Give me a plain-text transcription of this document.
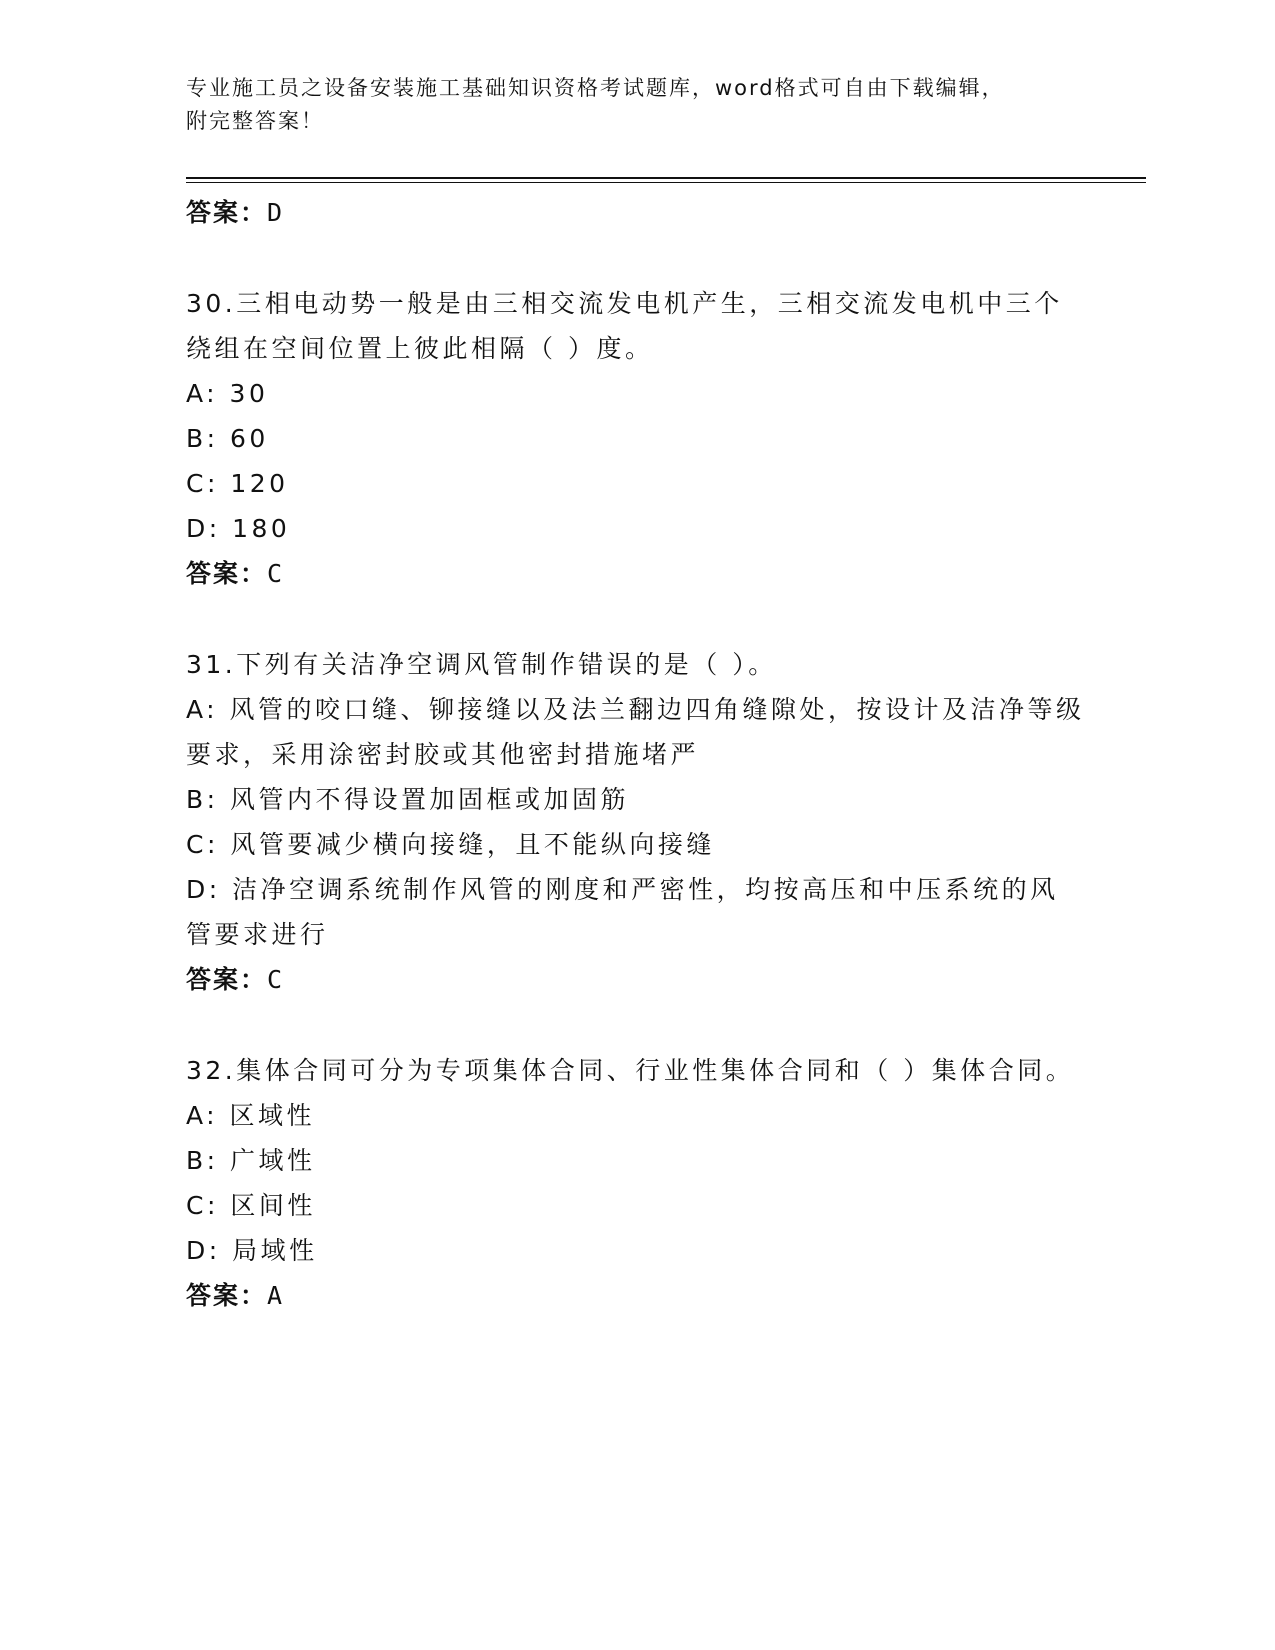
专业施工员之设备安装施工基础知识资格考试题库，word格式可自由下载编辑，
附完整答案！
答案：D
30.三相电动势一般是由三相交流发电机产生，三相交流发电机中三个绕组在空间位置上彼此相隔（ ）度。
A: 30
B: 60
C: 120
D: 180
答案：C
31.下列有关洁净空调风管制作错误的是（ ）。
A: 风管的咬口缝、铆接缝以及法兰翻边四角缝隙处，按设计及洁净等级要求，采用涂密封胶或其他密封措施堵严
B: 风管内不得设置加固框或加固筋
C: 风管要减少横向接缝，且不能纵向接缝
D: 洁净空调系统制作风管的刚度和严密性，均按高压和中压系统的风管要求进行
答案：C
32.集体合同可分为专项集体合同、行业性集体合同和（ ）集体合同。
A: 区域性
B: 广域性
C: 区间性
D: 局域性
答案：A
